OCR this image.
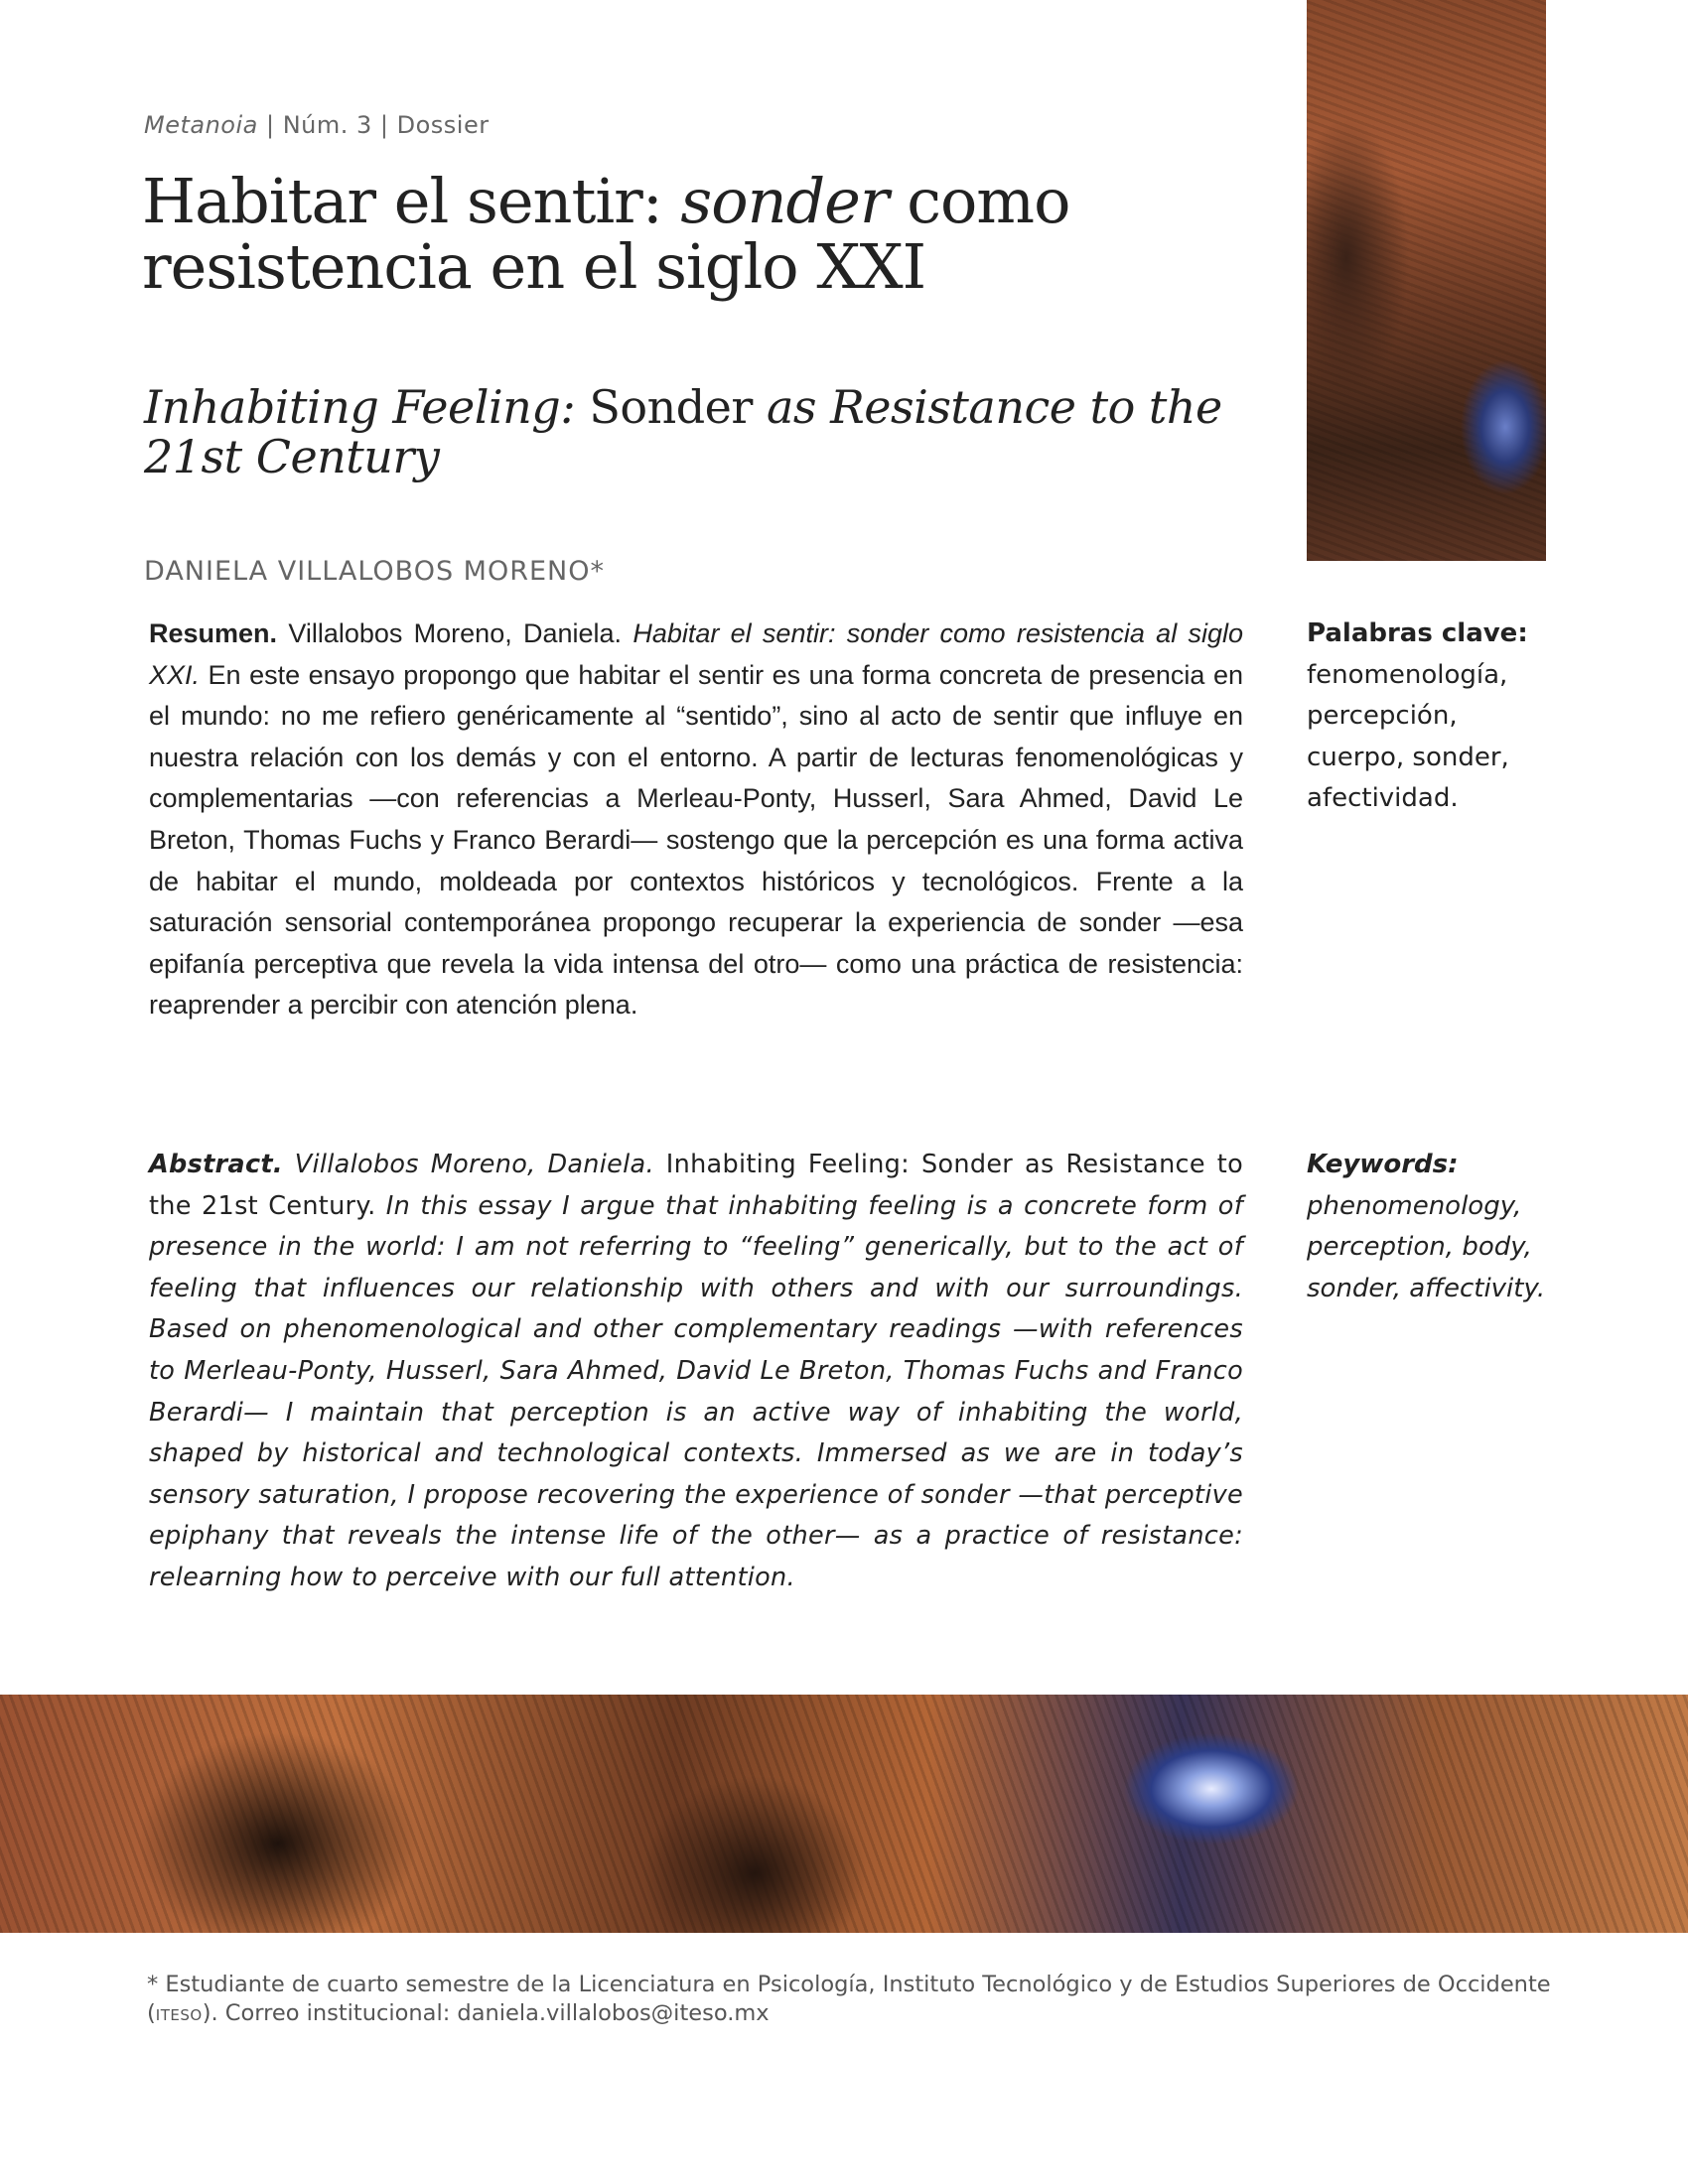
Metanoia | Núm. 3 | Dossier
Habitar el sentir: sonder como resistencia en el siglo XXI
Inhabiting Feeling: Sonder as Resistance to the 21st Century
DANIELA VILLALOBOS MORENO*
Resumen. Villalobos Moreno, Daniela. Habitar el sentir: sonder como resistencia al siglo XXI. En este ensayo propongo que habitar el sentir es una forma concreta de presencia en el mundo: no me refiero genéricamente al “sentido”, sino al acto de sentir que influye en nuestra relación con los demás y con el entorno. A partir de lecturas fenomenológicas y complementarias —con referencias a Merleau-Ponty, Husserl, Sara Ahmed, David Le Breton, Thomas Fuchs y Franco Berardi— sostengo que la percepción es una forma activa de habitar el mundo, moldeada por contextos históricos y tecnológicos. Frente a la saturación sensorial contemporánea propongo recuperar la experiencia de sonder —esa epifanía perceptiva que revela la vida intensa del otro— como una práctica de resistencia: reaprender a percibir con atención plena.
Palabras clave:
fenomenología, percepción, cuerpo, sonder, afectividad.
Abstract. Villalobos Moreno, Daniela. Inhabiting Feeling: Sonder as Resistance to the 21st Century. In this essay I argue that inhabiting feeling is a concrete form of presence in the world: I am not referring to “feeling” generically, but to the act of feeling that influences our relationship with others and with our surroundings. Based on phenomenological and other complementary readings —with references to Merleau-Ponty, Husserl, Sara Ahmed, David Le Breton, Thomas Fuchs and Franco Berardi— I maintain that perception is an active way of inhabiting the world, shaped by historical and technological contexts. Immersed as we are in today’s sensory saturation, I propose recovering the experience of sonder —that perceptive epiphany that reveals the intense life of the other— as a practice of resistance: relearning how to perceive with our full attention.
Keywords:
phenomenology, perception, body, sonder, affectivity.
* Estudiante de cuarto semestre de la Licenciatura en Psicología, Instituto Tecnológico y de Estudios Superiores de Occidente (ITESO). Correo institucional: daniela.villalobos@iteso.mx
